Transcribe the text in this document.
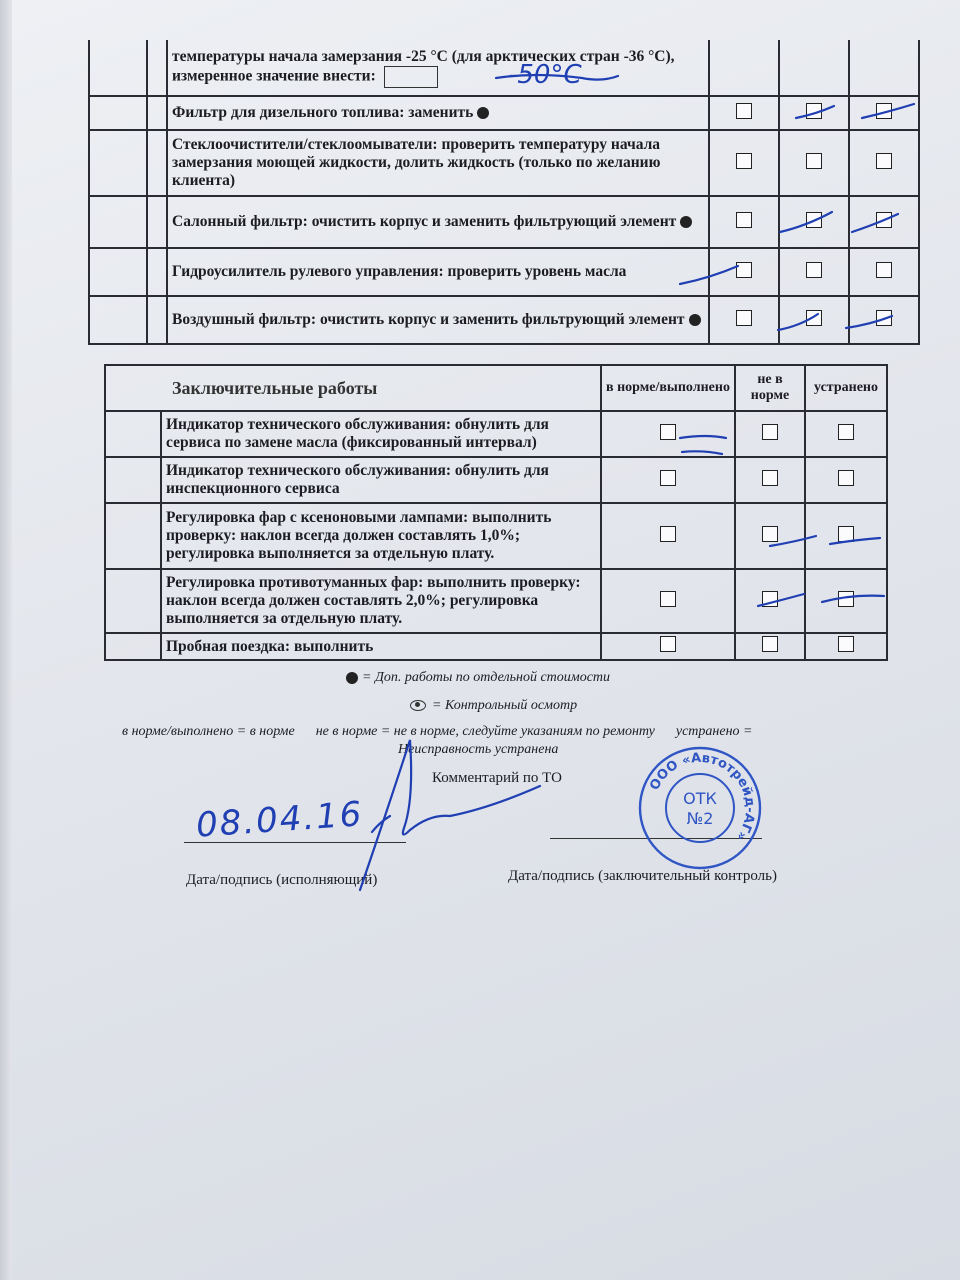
		температуры начала замерзания -25 °C (для арктических стран -36 °C), измеренное значение внести:			
		Фильтр для дизельного топлива: заменить			
		Стеклоочистители/стеклоомыватели: проверить температуру начала замерзания моющей жидкости, долить жидкость (только по желанию клиента)			
		Салонный фильтр: очистить корпус и заменить фильтрующий элемент			
		Гидроусилитель рулевого управления: проверить уровень масла			
		Воздушный фильтр: очистить корпус и заменить фильтрующий элемент			
Заключительные работы		в норме/выполнено	не в норме	устранено
	Индикатор технического обслуживания: обнулить для сервиса по замене масла (фиксированный интервал)			
	Индикатор технического обслуживания: обнулить для инспекционного сервиса			
	Регулировка фар с ксеноновыми лампами: выполнить проверку: наклон всегда должен составлять 1,0%; регулировка выполняется за отдельную плату.			
	Регулировка противотуманных фар: выполнить проверку: наклон всегда должен составлять 2,0%; регулировка выполняется за отдельную плату.			
	Пробная поездка: выполнить			
= Доп. работы по отдельной стоимости
= Контрольный осмотр
в норме/выполнено = в норме      не в норме = не в норме, следуйте указаниям по ремонту      устранено =
Неисправность устранена
Комментарий по ТО
Дата/подпись (исполняющий)	Дата/подпись (заключительный контроль)
08.04.16
-50°C
ООО «Автотрейд-АГ»
ОТК
№2
